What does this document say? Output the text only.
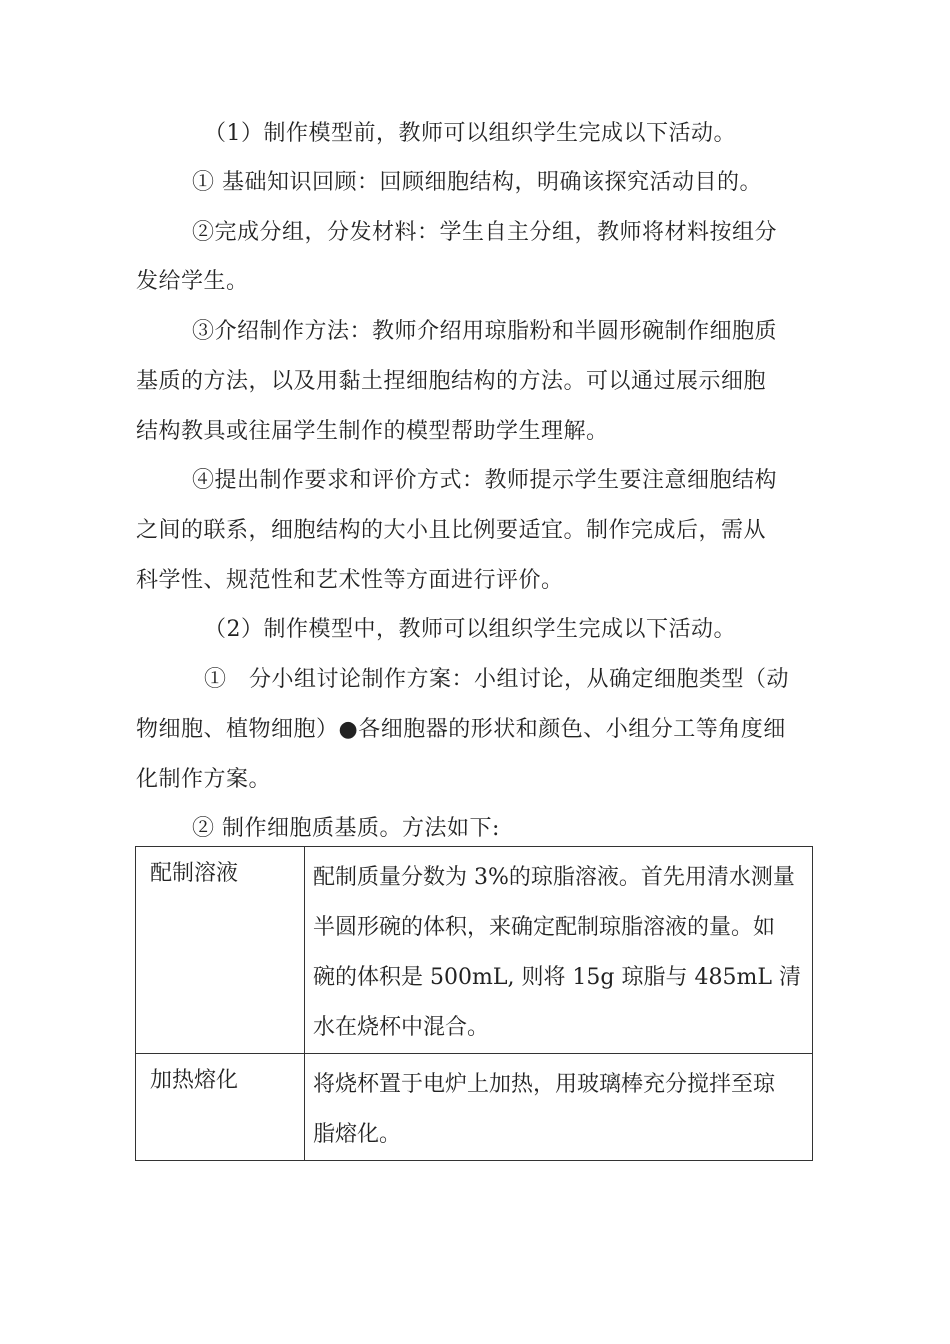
（1）制作模型前，教师可以组织学生完成以下活动。
① 基础知识回顾：回顾细胞结构，明确该探究活动目的。
②完成分组，分发材料：学生自主分组，教师将材料按组分
发给学生。
③介绍制作方法：教师介绍用琼脂粉和半圆形碗制作细胞质
基质的方法，以及用黏土捏细胞结构的方法。可以通过展示细胞
结构教具或往届学生制作的模型帮助学生理解。
④提出制作要求和评价方式：教师提示学生要注意细胞结构
之间的联系，细胞结构的大小且比例要适宜。制作完成后，需从
科学性、规范性和艺术性等方面进行评价。
（2）制作模型中，教师可以组织学生完成以下活动。
①　分小组讨论制作方案：小组讨论，从确定细胞类型（动
物细胞、植物细胞）●各细胞器的形状和颜色、小组分工等角度细
化制作方案。
② 制作细胞质基质。方法如下:
配制溶液	配制质量分数为 3%的琼脂溶液。首先用清水测量
半圆形碗的体积，来确定配制琼脂溶液的量。如
碗的体积是 500mL, 则将 15g 琼脂与 485mL 清
水在烧杯中混合。

加热熔化	将烧杯置于电炉上加热，用玻璃棒充分搅拌至琼
脂熔化。
